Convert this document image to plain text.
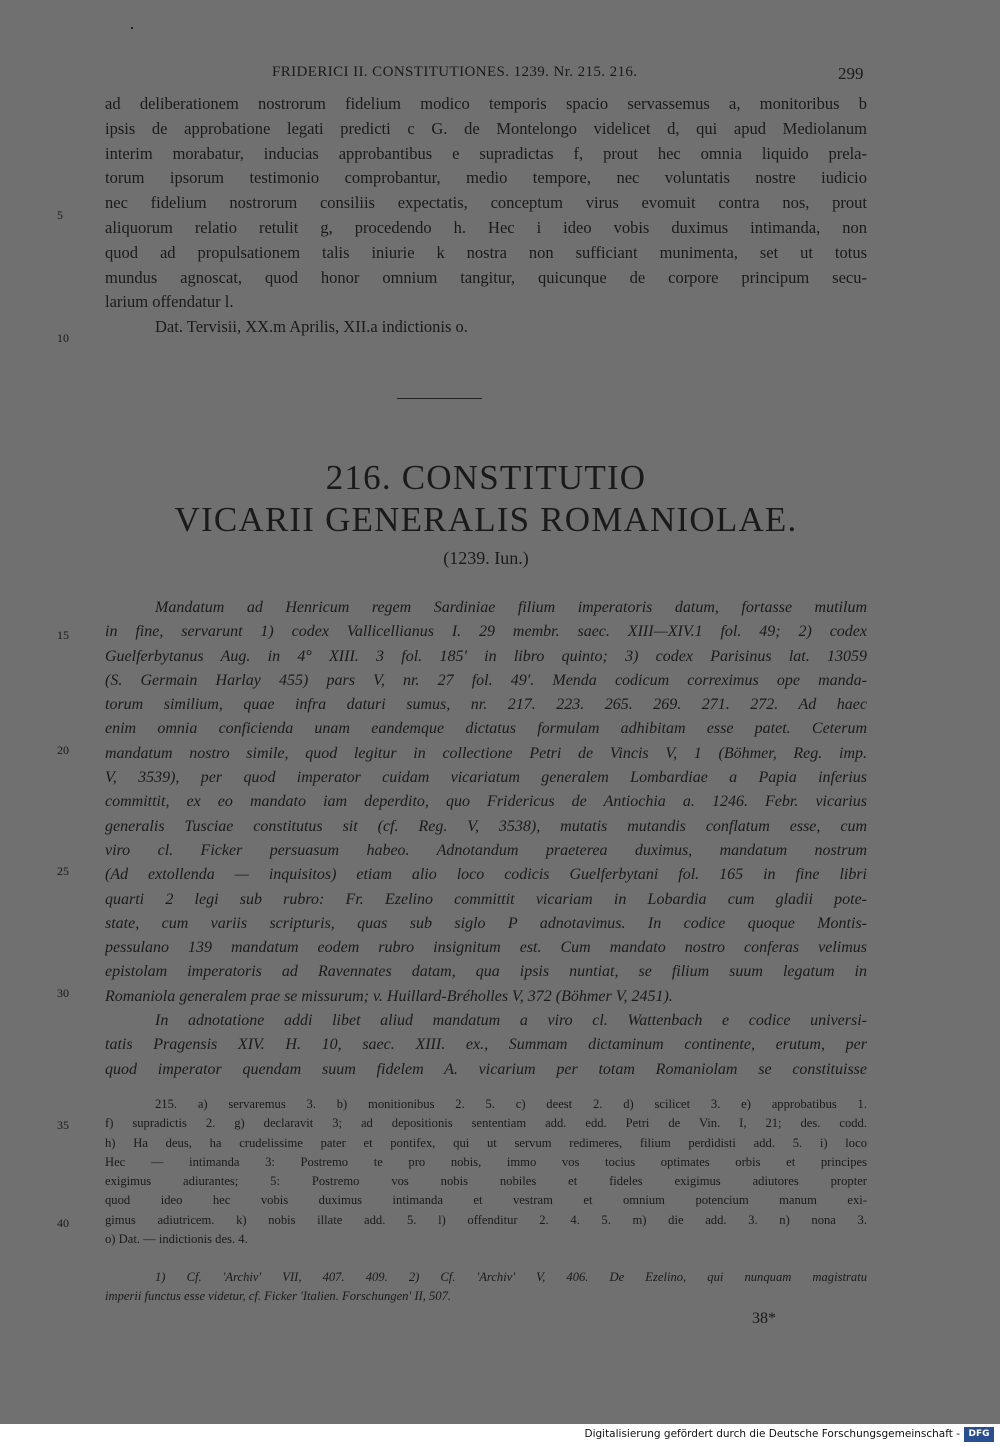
FRIDERICI II. CONSTITUTIONES. 1239. Nr. 215. 216.	299
ad deliberationem nostrorum fidelium modico temporis spacio servassemus a, monitoribus b
ipsis de approbatione legati predicti c G. de Montelongo videlicet d, qui apud Mediolanum
interim morabatur, inducias approbantibus e supradictas f, prout hec omnia liquido prela-
torum ipsorum testimonio comprobantur, medio tempore, nec voluntatis nostre iudicio
nec fidelium nostrorum consiliis expectatis, conceptum virus evomuit contra nos, prout
aliquorum relatio retulit g, procedendo h. Hec i ideo vobis duximus intimanda, non
quod ad propulsationem talis iniurie k nostra non sufficiant munimenta, set ut totus
mundus agnoscat, quod honor omnium tangitur, quicunque de corpore principum secu-
larium offendatur l.
Dat. Tervisii, XX.m Aprilis, XII.a indictionis o.
5
10
216. CONSTITUTIO
VICARII GENERALIS ROMANIOLAE.
(1239. Iun.)
Mandatum ad Henricum regem Sardiniae filium imperatoris datum, fortasse mutilum
in fine, servarunt 1) codex Vallicellianus I. 29 membr. saec. XIII—XIV.1 fol. 49; 2) codex
Guelferbytanus Aug. in 4° XIII. 3 fol. 185' in libro quinto; 3) codex Parisinus lat. 13059
(S. Germain Harlay 455) pars V, nr. 27 fol. 49'. Menda codicum correximus ope manda-
torum similium, quae infra daturi sumus, nr. 217. 223. 265. 269. 271. 272. Ad haec
enim omnia conficienda unam eandemque dictatus formulam adhibitam esse patet. Ceterum
mandatum nostro simile, quod legitur in collectione Petri de Vincis V, 1 (Böhmer, Reg. imp.
V, 3539), per quod imperator cuidam vicariatum generalem Lombardiae a Papia inferius
committit, ex eo mandato iam deperdito, quo Fridericus de Antiochia a. 1246. Febr. vicarius
generalis Tusciae constitutus sit (cf. Reg. V, 3538), mutatis mutandis conflatum esse, cum
viro cl. Ficker persuasum habeo. Adnotandum praeterea duximus, mandatum nostrum
(Ad extollenda — inquisitos) etiam alio loco codicis Guelferbytani fol. 165 in fine libri
quarti 2 legi sub rubro: Fr. Ezelino committit vicariam in Lobardia cum gladii pote-
state, cum variis scripturis, quas sub siglo P adnotavimus. In codice quoque Montis-
pessulano 139 mandatum eodem rubro insignitum est. Cum mandato nostro conferas velimus
epistolam imperatoris ad Ravennates datam, qua ipsis nuntiat, se filium suum legatum in
Romaniola generalem prae se missurum; v. Huillard-Bréholles V, 372 (Böhmer V, 2451).
In adnotatione addi libet aliud mandatum a viro cl. Wattenbach e codice universi-
tatis Pragensis XIV. H. 10, saec. XIII. ex., Summam dictaminum continente, erutum, per
quod imperator quendam suum fidelem A. vicarium per totam Romaniolam se constituisse
15
20
25
30
215. a) servaremus 3. b) monitionibus 2. 5. c) deest 2. d) scilicet 3. e) approbatibus 1.
f) supradictis 2. g) declaravit 3; ad depositionis sententiam add. edd. Petri de Vin. I, 21; des. codd.
h) Ha deus, ha crudelissime pater et pontifex, qui ut servum redimeres, filium perdidisti add. 5. i) loco
Hec — intimanda 3: Postremo te pro nobis, immo vos tocius optimates orbis et principes
exigimus adiurantes; 5: Postremo vos nobis nobiles et fideles exigimus adiutores propter
quod ideo hec vobis duximus intimanda et vestram et omnium potencium manum exi-
gimus adiutricem. k) nobis illate add. 5. l) offenditur 2. 4. 5. m) die add. 3. n) nona 3.
o) Dat. — indictionis des. 4.
35
40
1) Cf. 'Archiv' VII, 407. 409. 2) Cf. 'Archiv' V, 406. De Ezelino, qui nunquam magistratu
imperii functus esse videtur, cf. Ficker 'Italien. Forschungen' II, 507.
38*
Digitalisierung gefördert durch die Deutsche Forschungsgemeinschaft - DFG
